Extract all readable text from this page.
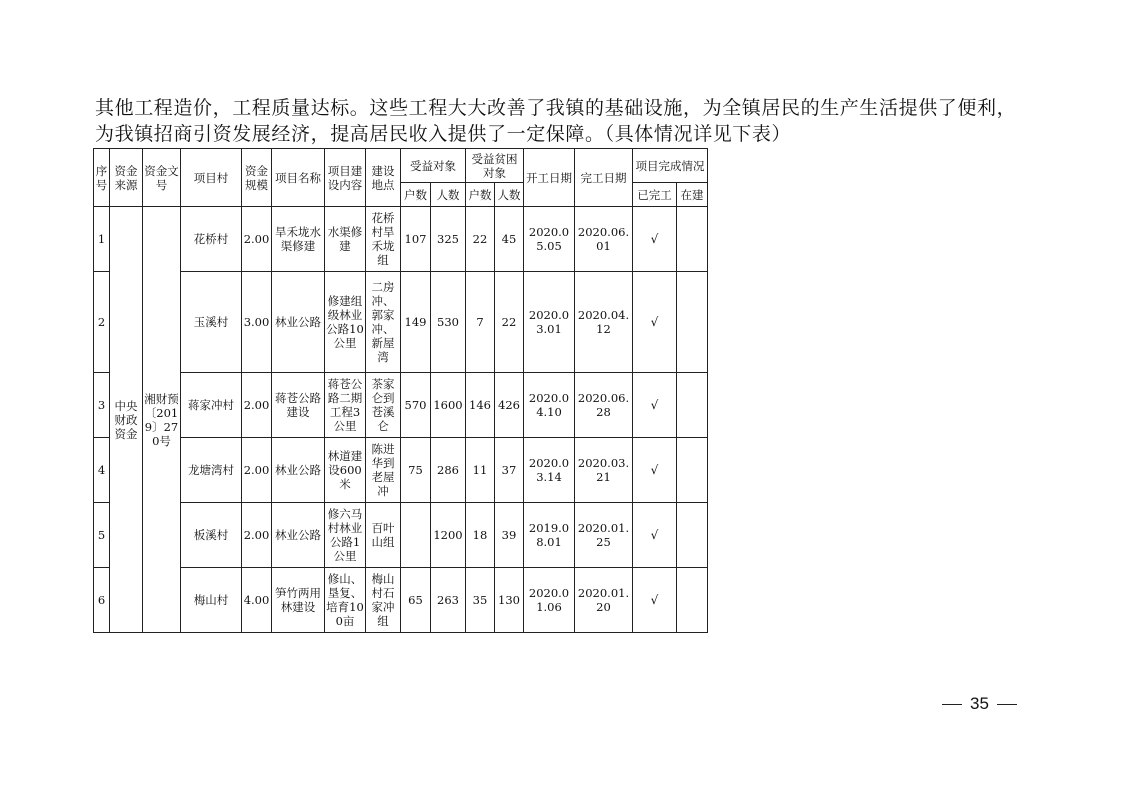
其他工程造价，工程质量达标。这些工程大大改善了我镇的基础设施，为全镇居民的生产生活提供了便利，

为我镇招商引资发展经济，提高居民收入提供了一定保障。（具体情况详见下表）

序号	资金来源	资金文号	项目村	资金规模	项目名称	项目建设内容	建设地点	受益对象		受益贫困对象		开工日期	完工日期	项目完成情况	
								户数	人数	户数	人数			已完工	在建
1	中央财政资金	湘财预〔2019〕270号	花桥村	2.00	旱禾垅水渠修建	水渠修建	花桥村旱禾垅组	107	325	22	45	2020.05.05	2020.06.01	√	
2			玉溪村	3.00	林业公路	修建组级林业公路10公里	二房冲、郭家冲、新屋湾	149	530	7	22	2020.03.01	2020.04.12	√	
3			蒋家冲村	2.00	蒋苍公路建设	蒋苍公路二期工程3公里	茶家仑到苍溪仑	570	1600	146	426	2020.04.10	2020.06.28	√	
4			龙塘湾村	2.00	林业公路	林道建设600米	陈进华到老屋冲	75	286	11	37	2020.03.14	2020.03.21	√	
5			板溪村	2.00	林业公路	修六马村林业公路1公里	百叶山组		1200	18	39	2019.08.01	2020.01.25	√	
6			梅山村	4.00	笋竹两用林建设	修山、垦复、培育100亩	梅山村石家冲组	65	263	35	130	2020.01.06	2020.01.20	√	
35
